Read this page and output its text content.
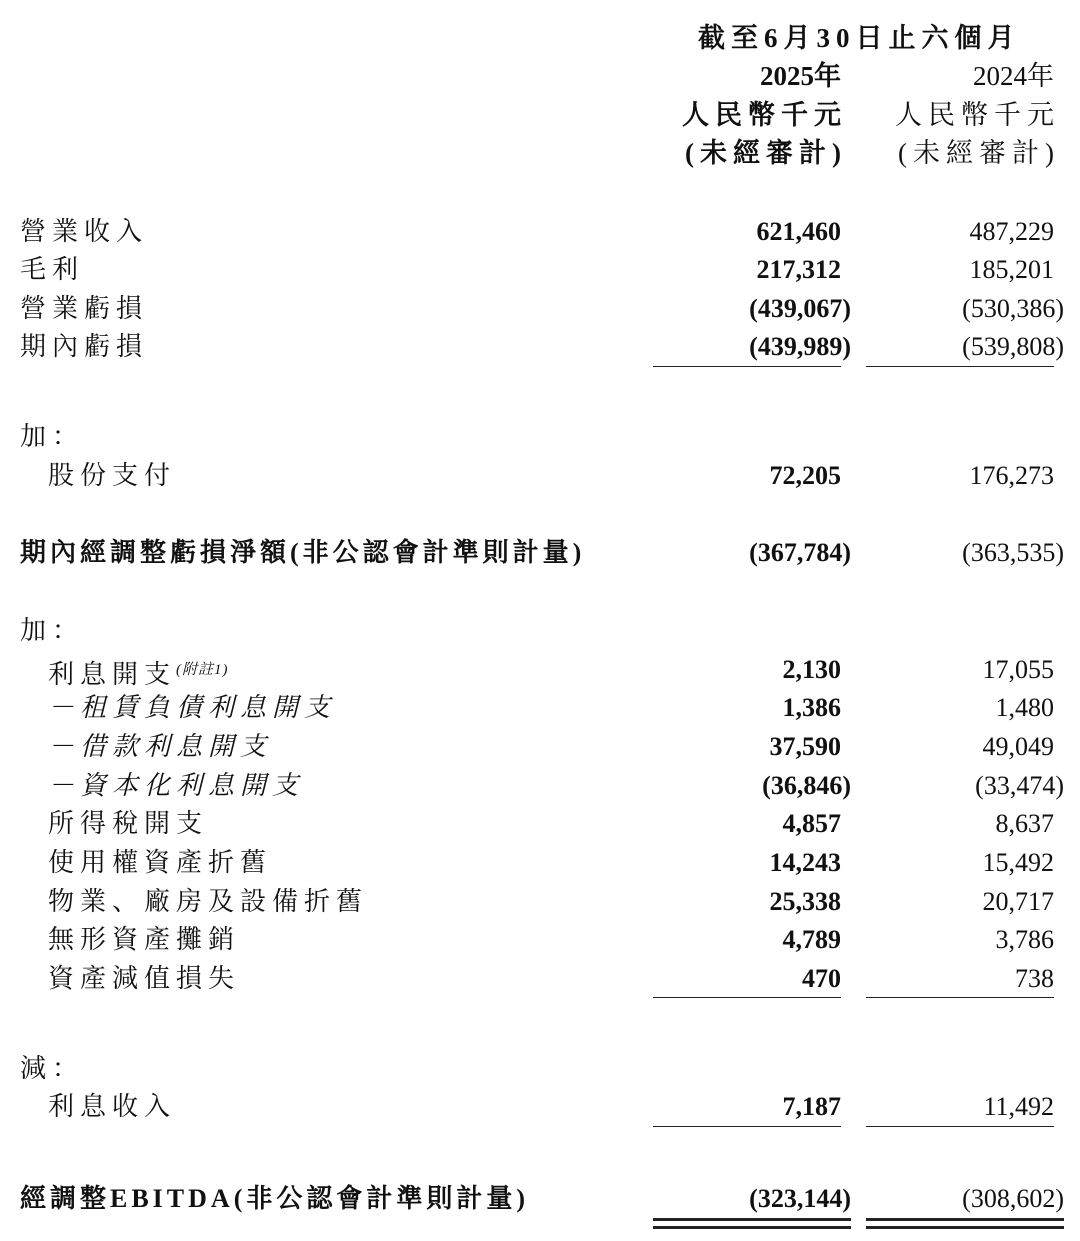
截至6月30日止六個月
2025年	2024年
人民幣千元 人民幣千元
(未經審計) (未經審計)
營業收入	621,460	487,229
毛利	217,312	185,201
營業虧損	(439,067)	(530,386)
期內虧損	(439,989)	(539,808)
加：
股份支付	72,205	176,273
期內經調整虧損淨額(非公認會計準則計量)	(367,784)	(363,535)
加：
利息開支$^{(附註1)}$	2,130	17,055
－租賃負債利息開支	1,386	1,480
－借款利息開支	37,590	49,049
－資本化利息開支	(36,846)	(33,474)
所得稅開支	4,857	8,637
使用權資產折舊	14,243	15,492
物業、廠房及設備折舊	25,338	20,717
無形資產攤銷	4,789	3,786
資產減值損失	470	738
減：
利息收入	7,187	11,492
經調整EBITDA(非公認會計準則計量)	(323,144)	(308,602)
